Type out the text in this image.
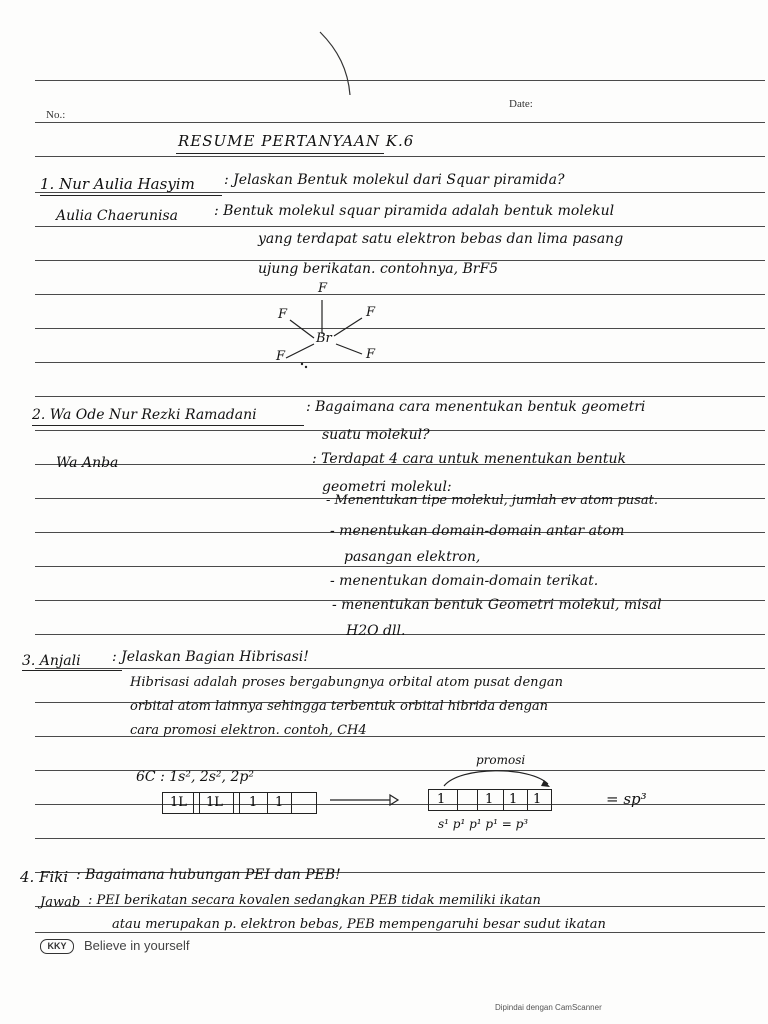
No.:
Date:
RESUME PERTANYAAN K.6
1. Nur Aulia Hasyim : Jelaskan Bentuk molekul dari Squar piramida?
Aulia Chaerunisa	: Bentuk molekul squar piramida adalah bentuk molekul
yang terdapat satu elektron bebas dan lima pasang
ujung berikatan. contohnya, BrF5
F
F	F
Br
F	F
2. Wa Ode Nur Rezki Ramadani	: Bagaimana cara menentukan bentuk geometri
suatu molekul?
Wa Anba	: Terdapat 4 cara untuk menentukan bentuk
geometri molekul:
- Menentukan tipe molekul, jumlah ev atom pusat.
- menentukan domain-domain antar atom
pasangan elektron,
- menentukan domain-domain terikat.
- menentukan bentuk Geometri molekul, misal
H2O dll.
3. Anjali : Jelaskan Bagian Hibrisasi!
Hibrisasi adalah proses bergabungnya orbital atom pusat dengan
orbital atom lainnya sehingga terbentuk orbital hibrida dengan
cara promosi elektron. contoh, CH4
6C : 1s², 2s², 2p²
1L 1L 1 1
promosi
1	1 1 1
s¹ p¹ p¹ p¹ = p³
= sp³
4. Fiki : Bagaimana hubungan PEI dan PEB!
Jawab : PEI berikatan secara kovalen sedangkan PEB tidak memiliki ikatan
atau merupakan p. elektron bebas, PEB mempengaruhi besar sudut ikatan
KKY	Believe in yourself
Dipindai dengan CamScanner
